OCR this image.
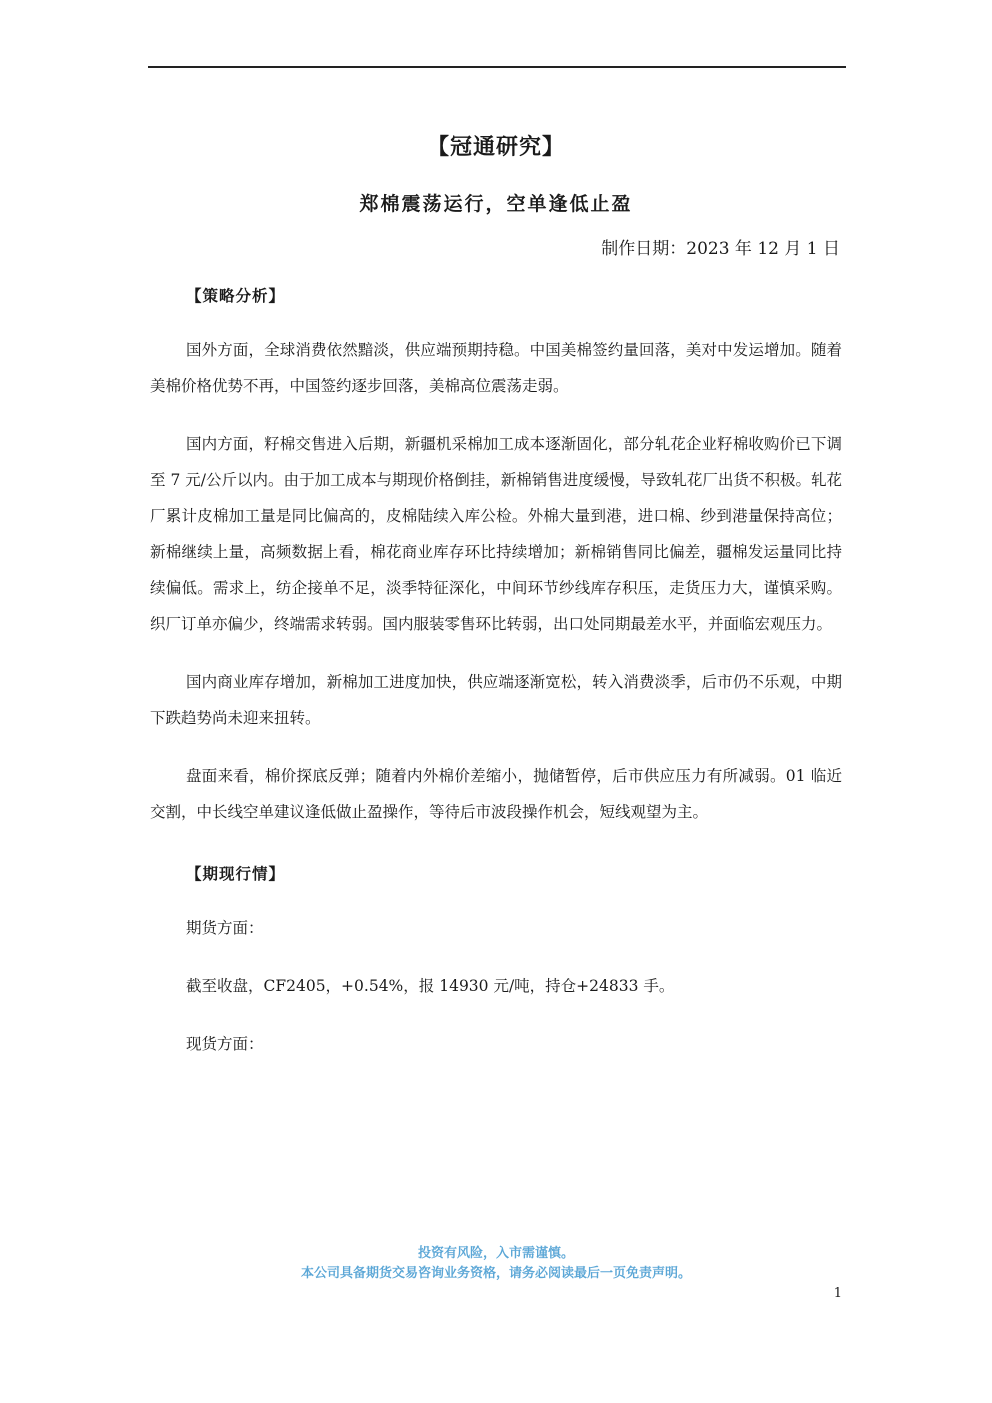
【冠通研究】
郑棉震荡运行，空单逢低止盈
制作日期：2023 年 12 月 1 日
【策略分析】

国外方面，全球消费依然黯淡，供应端预期持稳。中国美棉签约量回落，美对中发运增加。随着美棉价格优势不再，中国签约逐步回落，美棉高位震荡走弱。

国内方面，籽棉交售进入后期，新疆机采棉加工成本逐渐固化，部分轧花企业籽棉收购价已下调至 7 元/公斤以内。由于加工成本与期现价格倒挂，新棉销售进度缓慢，导致轧花厂出货不积极。轧花厂累计皮棉加工量是同比偏高的，皮棉陆续入库公检。外棉大量到港，进口棉、纱到港量保持高位；新棉继续上量，高频数据上看，棉花商业库存环比持续增加；新棉销售同比偏差，疆棉发运量同比持续偏低。需求上，纺企接单不足，淡季特征深化，中间环节纱线库存积压，走货压力大，谨慎采购。织厂订单亦偏少，终端需求转弱。国内服装零售环比转弱，出口处同期最差水平，并面临宏观压力。

国内商业库存增加，新棉加工进度加快，供应端逐渐宽松，转入消费淡季，后市仍不乐观，中期下跌趋势尚未迎来扭转。

盘面来看，棉价探底反弹；随着内外棉价差缩小，抛储暂停，后市供应压力有所减弱。01 临近交割，中长线空单建议逢低做止盈操作，等待后市波段操作机会，短线观望为主。

【期现行情】

期货方面：

截至收盘，CF2405，+0.54%，报 14930 元/吨，持仓+24833 手。

现货方面：

投资有风险，入市需谨慎。
本公司具备期货交易咨询业务资格，请务必阅读最后一页免责声明。
1
